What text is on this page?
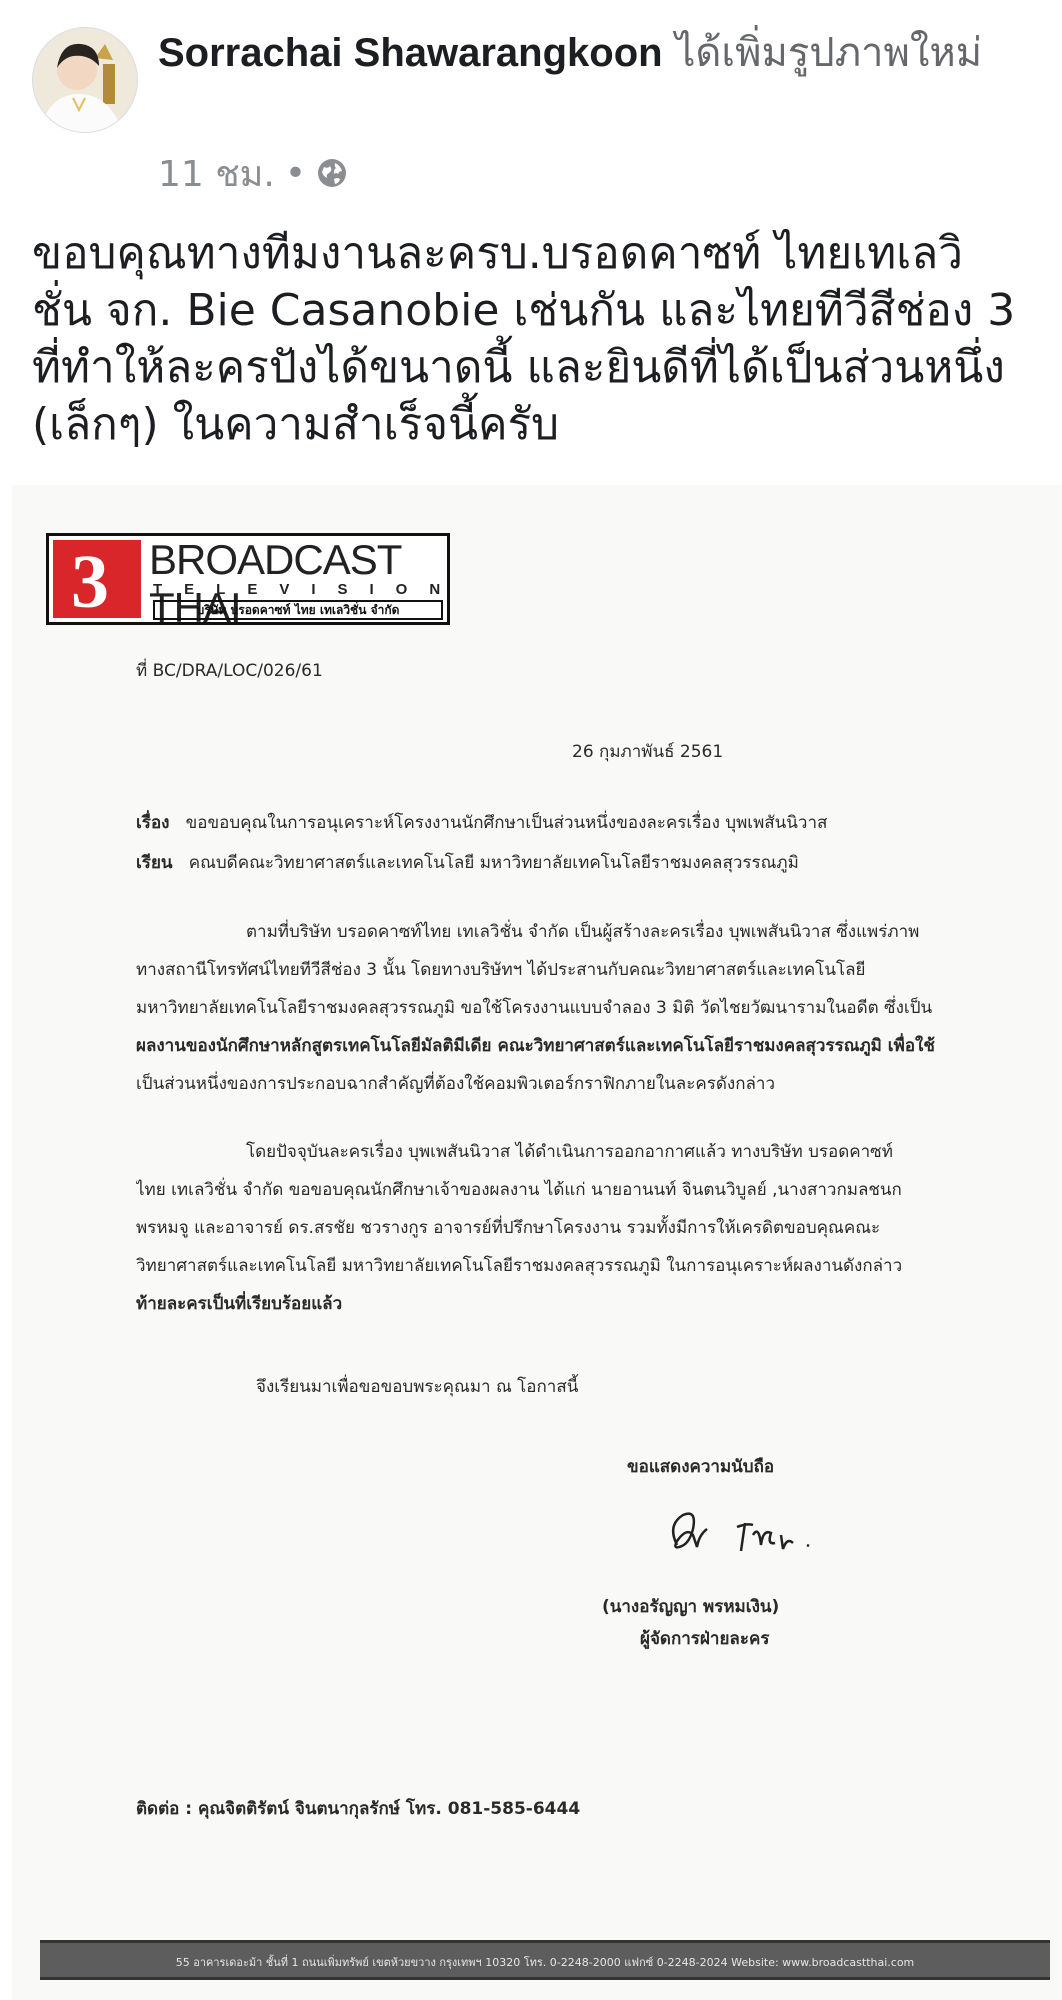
Sorrachai Shawarangkoon ได้เพิ่มรูปภาพใหม่
11 ชม. •

ขอบคุณทางทีมงานละครบ.บรอดคาซท์ ไทยเทเลวิ

ชั่น จก. Bie Casanobie เช่นกัน และไทยทีวีสีช่อง 3

ที่ทำให้ละครปังได้ขนาดนี้ และยินดีที่ได้เป็นส่วนหนึ่ง

(เล็กๆ) ในความสำเร็จนี้ครับ

3 BROADCAST THAI
TELEVISION
บริษัท บรอดคาซท์ ไทย เทเลวิชั่น จำกัด
ที่ BC/DRA/LOC/026/61
26 กุมภาพันธ์ 2561
เรื่อง ขอขอบคุณในการอนุเคราะห์โครงงานนักศึกษาเป็นส่วนหนึ่งของละครเรื่อง บุพเพสันนิวาส
เรียน คณบดีคณะวิทยาศาสตร์และเทคโนโลยี มหาวิทยาลัยเทคโนโลยีราชมงคลสุวรรณภูมิ
ตามที่บริษัท บรอดคาซท์ไทย เทเลวิชั่น จำกัด เป็นผู้สร้างละครเรื่อง บุพเพสันนิวาส ซึ่งแพร่ภาพ
ทางสถานีโทรทัศน์ไทยทีวีสีช่อง 3 นั้น โดยทางบริษัทฯ ได้ประสานกับคณะวิทยาศาสตร์และเทคโนโลยี
มหาวิทยาลัยเทคโนโลยีราชมงคลสุวรรณภูมิ ขอใช้โครงงานแบบจำลอง 3 มิติ วัดไชยวัฒนารามในอดีต ซึ่งเป็น
ผลงานของนักศึกษาหลักสูตรเทคโนโลยีมัลติมีเดีย คณะวิทยาศาสตร์และเทคโนโลยีราชมงคลสุวรรณภูมิ เพื่อใช้
เป็นส่วนหนึ่งของการประกอบฉากสำคัญที่ต้องใช้คอมพิวเตอร์กราฟิกภายในละครดังกล่าว
โดยปัจจุบันละครเรื่อง บุพเพสันนิวาส ได้ดำเนินการออกอากาศแล้ว ทางบริษัท บรอดคาซท์
ไทย เทเลวิชั่น จำกัด ขอขอบคุณนักศึกษาเจ้าของผลงาน ได้แก่ นายอานนท์ จินตนวิบูลย์ ,นางสาวกมลชนก
พรหมจู และอาจารย์ ดร.สรชัย ชวรางกูร อาจารย์ที่ปรึกษาโครงงาน รวมทั้งมีการให้เครดิตขอบคุณคณะ
วิทยาศาสตร์และเทคโนโลยี มหาวิทยาลัยเทคโนโลยีราชมงคลสุวรรณภูมิ ในการอนุเคราะห์ผลงานดังกล่าว
ท้ายละครเป็นที่เรียบร้อยแล้ว
จึงเรียนมาเพื่อขอขอบพระคุณมา ณ โอกาสนี้
ขอแสดงความนับถือ
(นางอรัญญา พรหมเงิน)
ผู้จัดการฝ่ายละคร
ติดต่อ : คุณจิตติรัตน์ จินตนากุลรักษ์ โทร. 081-585-6444
55 อาคารเดอะม้า ชั้นที่ 1 ถนนเพิ่มทรัพย์ เขตห้วยขวาง กรุงเทพฯ 10320 โทร. 0-2248-2000 แฟกซ์ 0-2248-2024 Website: www.broadcastthai.com
